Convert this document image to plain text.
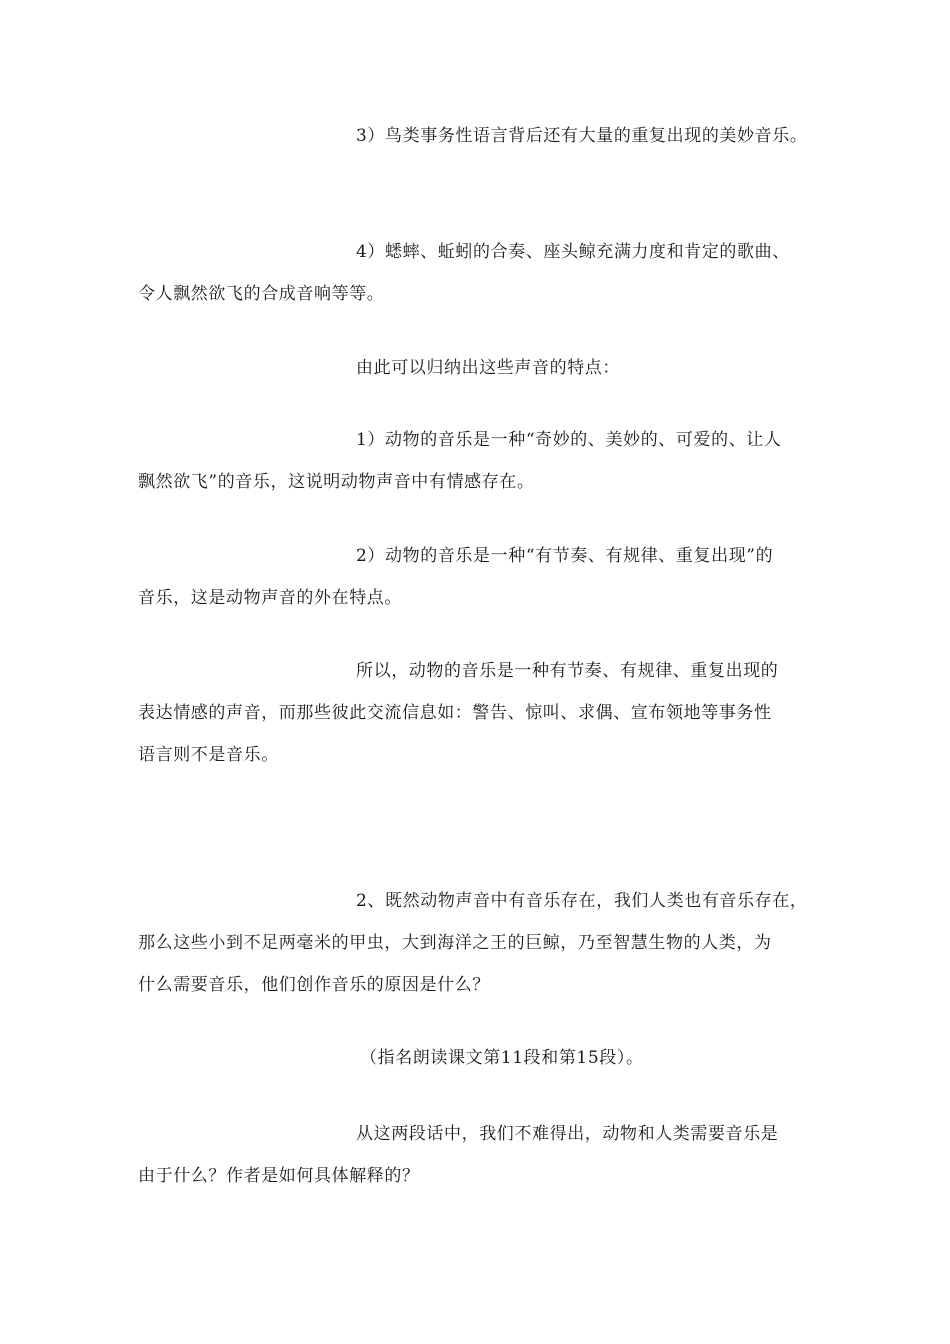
3）鸟类事务性语言背后还有大量的重复出现的美妙音乐。

4）蟋蟀、蚯蚓的合奏、座头鲸充满力度和肯定的歌曲、
令人飘然欲飞的合成音响等等。

由此可以归纳出这些声音的特点：

1）动物的音乐是一种“奇妙的、美妙的、可爱的、让人
飘然欲飞”的音乐，这说明动物声音中有情感存在。

2）动物的音乐是一种“有节奏、有规律、重复出现”的
音乐，这是动物声音的外在特点。

所以，动物的音乐是一种有节奏、有规律、重复出现的
表达情感的声音，而那些彼此交流信息如：警告、惊叫、求偶、宣布领地等事务性
语言则不是音乐。

2、既然动物声音中有音乐存在，我们人类也有音乐存在，
那么这些小到不足两毫米的甲虫，大到海洋之王的巨鲸，乃至智慧生物的人类，为
什么需要音乐，他们创作音乐的原因是什么？

（指名朗读课文第11段和第15段）。

从这两段话中，我们不难得出，动物和人类需要音乐是
由于什么？作者是如何具体解释的？
